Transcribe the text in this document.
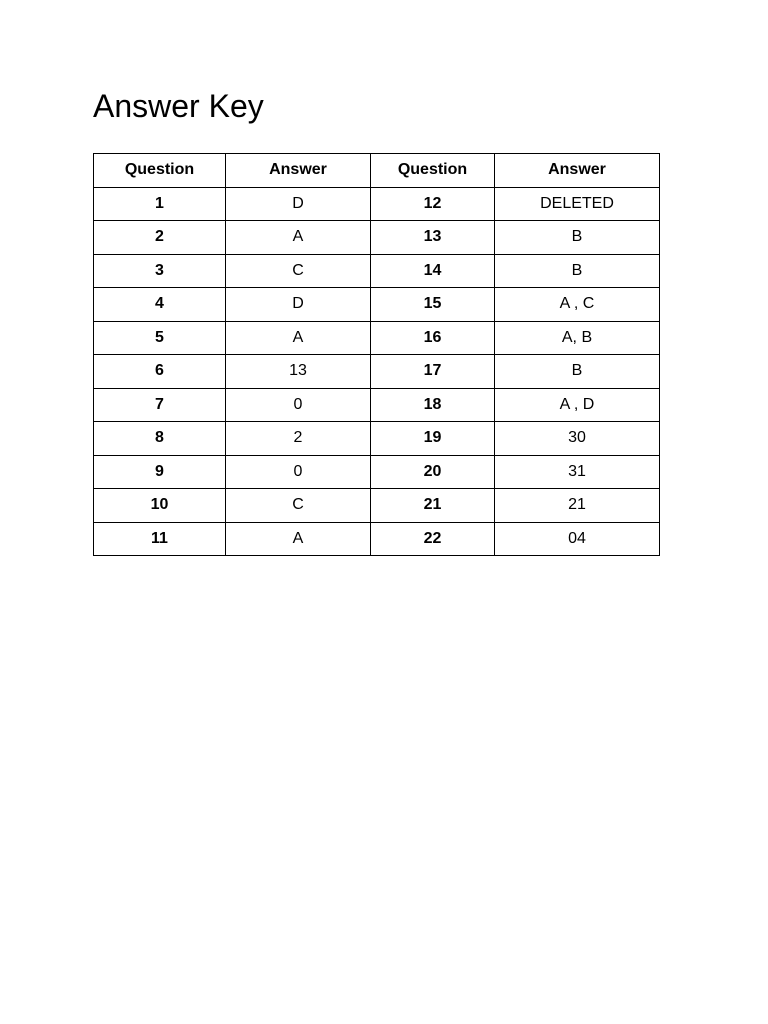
Answer Key
Question	Answer	Question	Answer
1	D	12	DELETED
2	A	13	B
3	C	14	B
4	D	15	A , C
5	A	16	A, B
6	13	17	B
7	0	18	A , D
8	2	19	30
9	0	20	31
10	C	21	21
11	A	22	04
